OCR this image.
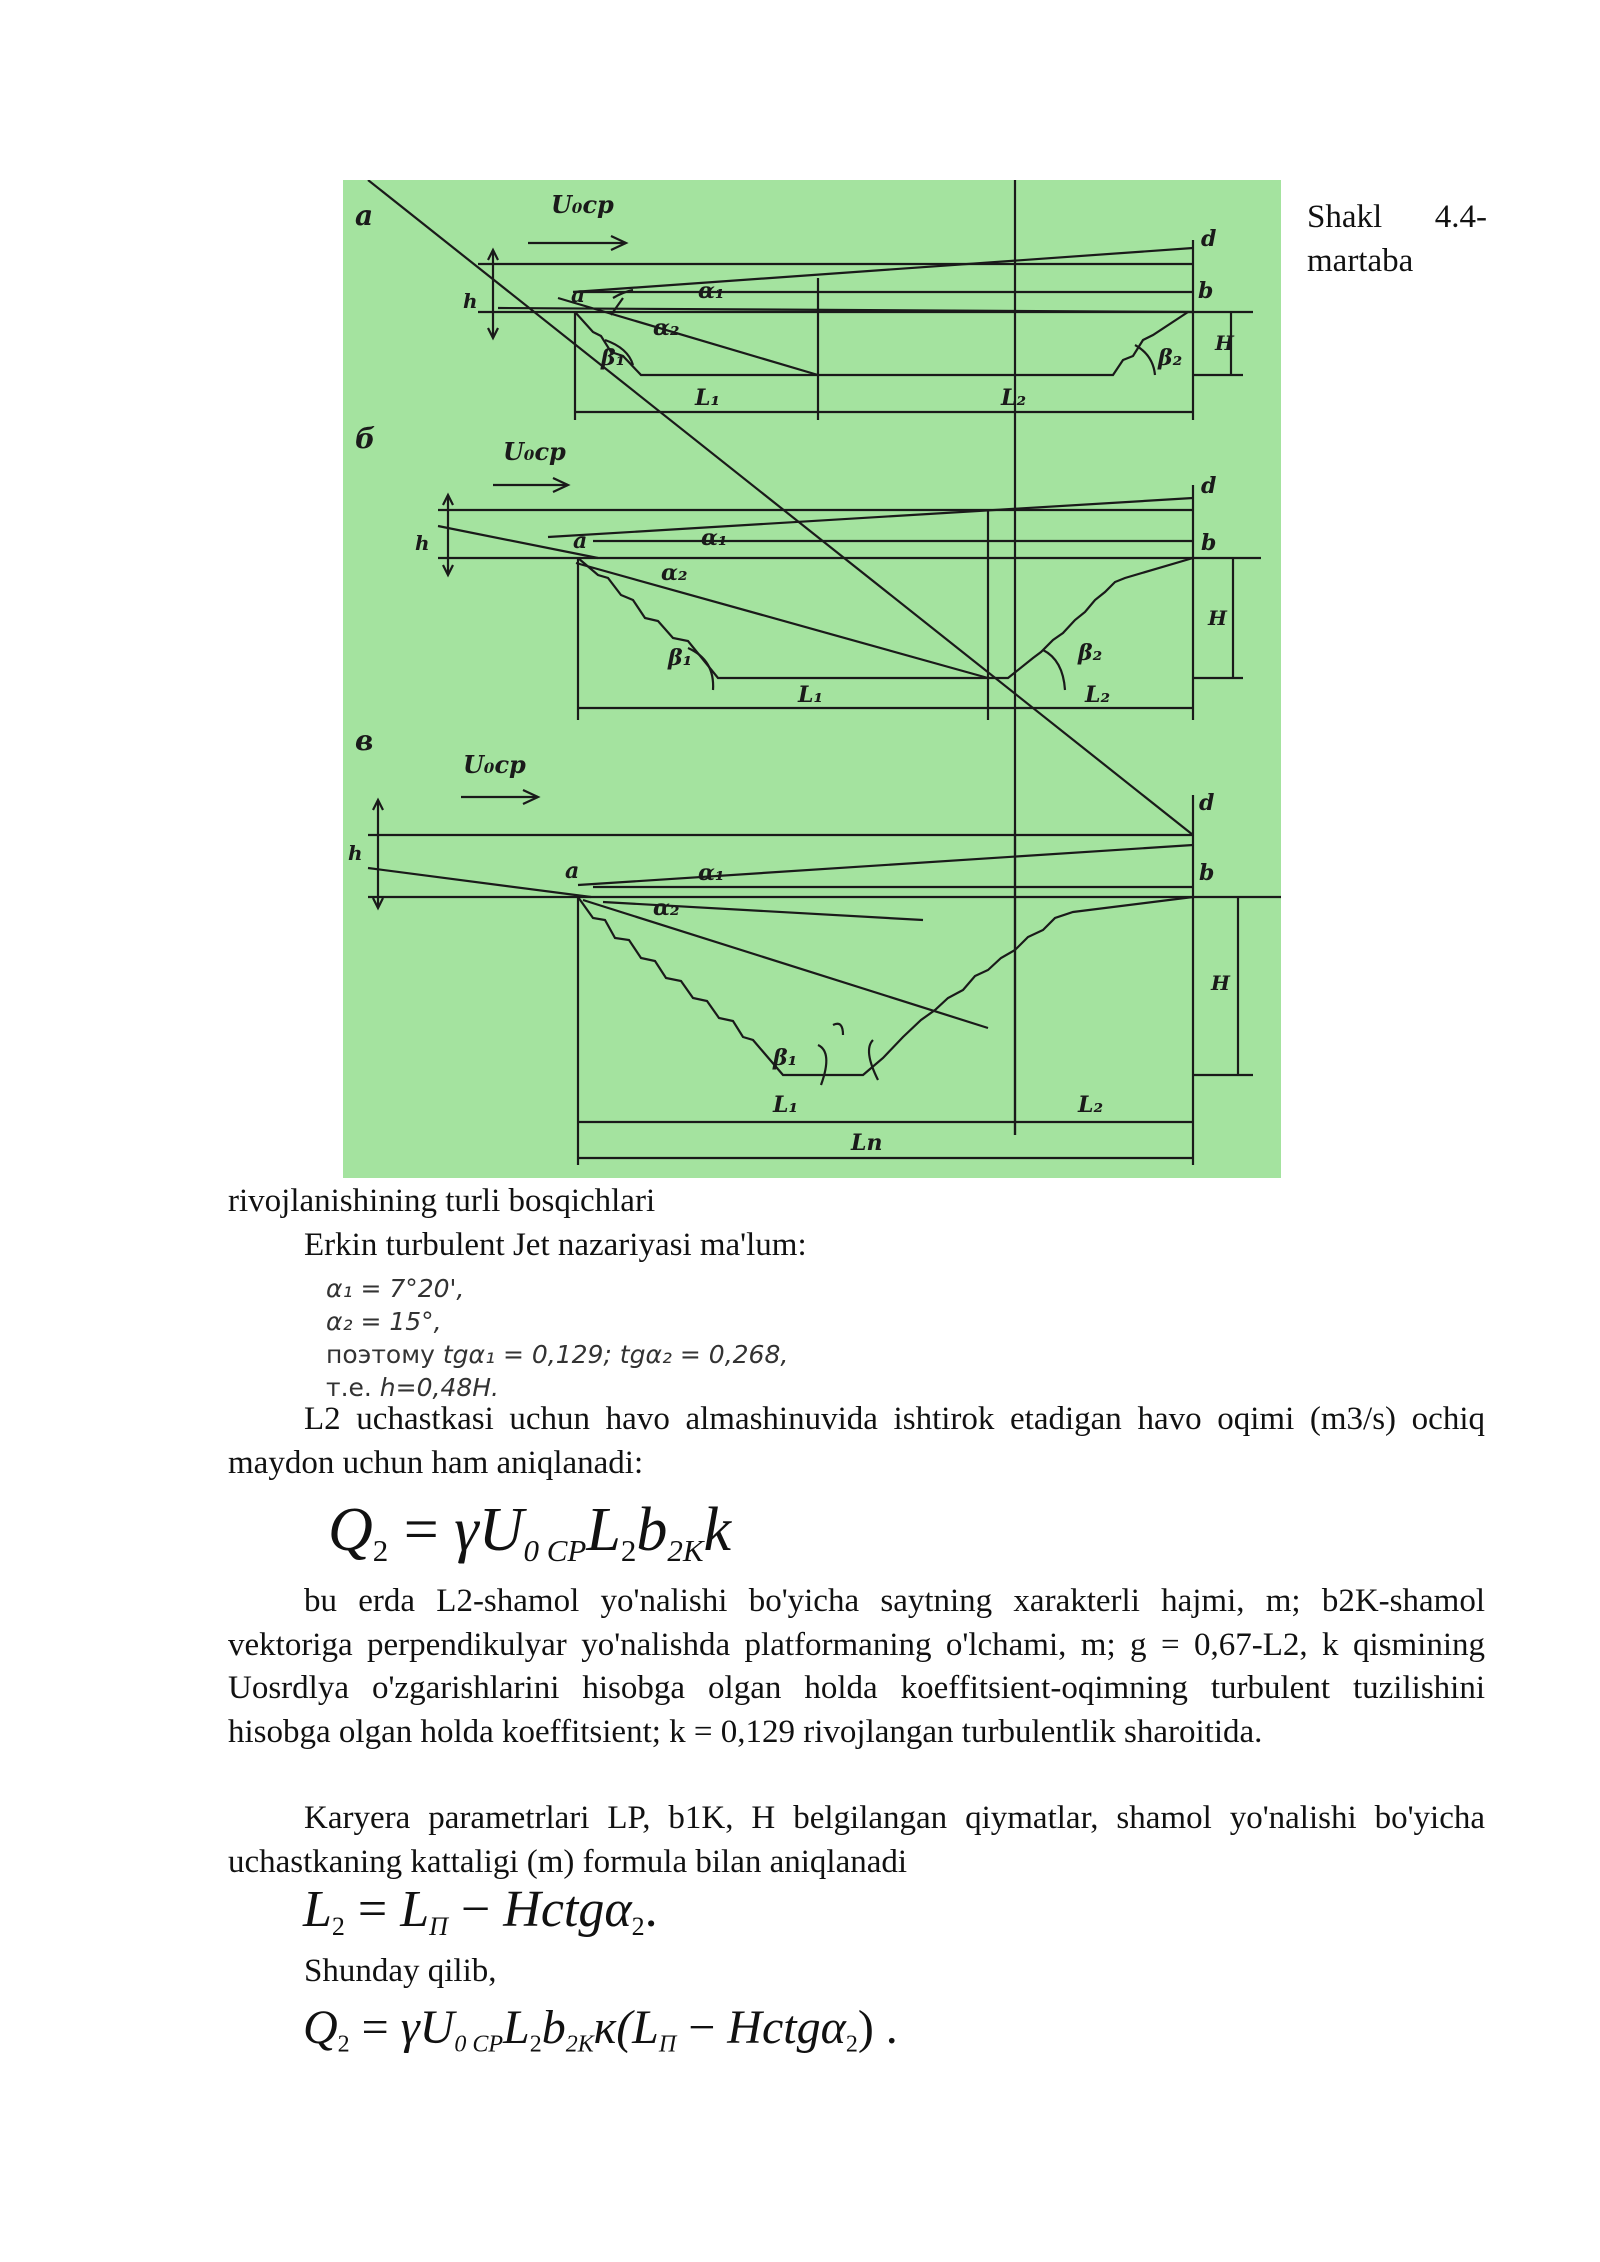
a
б
в
U₀cp
U₀cp
U₀cp
a	b
d
h
H
α₁
α₂
β₁	β₂
L₁	L₂
a	b
d
h
H
α₁
α₂
β₁	β₂
L₁	L₂
a	b
d
h
H
α₁
α₂
β₁
L₁	L₂
Lп
Shakl 4.4-martaba

rivojlanishining turli bosqichlari

Erkin turbulent Jet nazariyasi ma'lum:

α₁ = 7°20',
α₂ = 15°,
поэтому tgα₁ = 0,129; tgα₂ = 0,268,
т.е. h=0,48H.

L2 uchastkasi uchun havo almashinuvida ishtirok etadigan havo oqimi (m3/s) ochiq maydon uchun ham aniqlanadi:

$Q_2 = \gamma U_{0 CP}L_2b_{2K}k$

bu erda L2-shamol yo'nalishi bo'yicha saytning xarakterli hajmi, m; b2K-shamol vektoriga perpendikulyar yo'nalishda platformaning o'lchami, m; g = 0,67-L2, k qismining Uosrdlya o'zgarishlarini hisobga olgan holda koeffitsient-oqimning turbulent tuzilishini hisobga olgan holda koeffitsient; k = 0,129 rivojlangan turbulentlik sharoitida.

Karyera parametrlari LP, b1K, H belgilangan qiymatlar, shamol yo'nalishi bo'yicha uchastkaning kattaligi (m) formula bilan aniqlanadi

$L_2 = L_П$ − Hctgα$_2$.

Shunday qilib,

$Q_2 = \gamma U_{0 CP}L_2b_{2K}к(L_П$ − Hctgα$_2$) .
